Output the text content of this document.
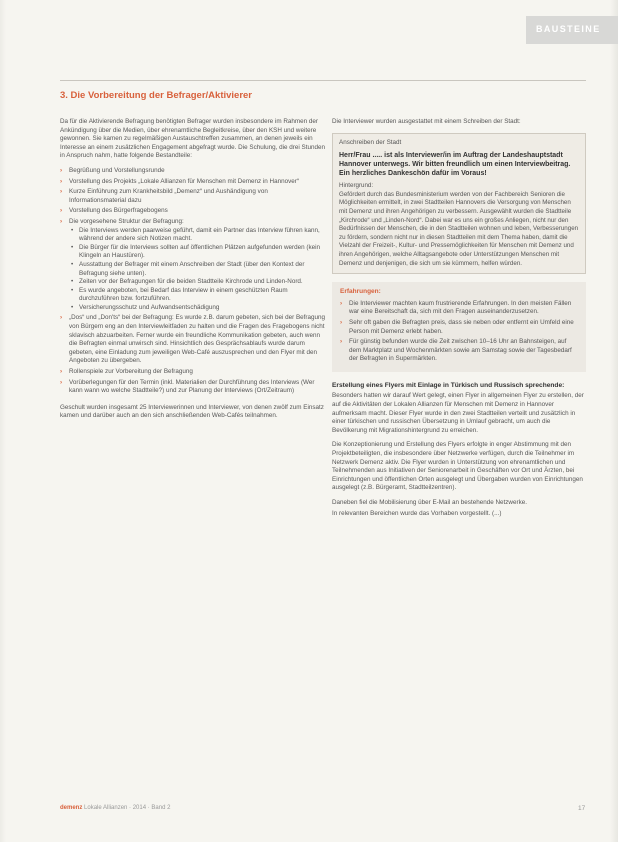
BAUSTEINE
3. Die Vorbereitung der Befrager/Aktivierer

Da für die Aktivierende Befragung benötigten Befrager wurden insbesondere im Rahmen der Ankündigung über die Medien, über ehrenamtliche Begleitkreise, über den KSH und weitere gewonnen. Sie kamen zu regelmäßigen Austauschtreffen zusammen, an denen jeweils ein Interesse an einem zusätzlichen Engagement abgefragt wurde. Die Schulung, die drei Stunden in Anspruch nahm, hatte folgende Bestandteile:

› Begrüßung und Vorstellungsrunde
› Vorstellung des Projekts „Lokale Allianzen für Menschen mit Demenz in Hannover“
› Kurze Einführung zum Krankheitsbild „Demenz“ und Aushändigung von Informationsmaterial dazu
› Vorstellung des Bürgerfragebogens
› Die vorgesehene Struktur der Befragung:
• Die Interviews werden paarweise geführt, damit ein Partner das Interview führen kann, während der andere sich Notizen macht.
• Die Bürger für die Interviews sollten auf öffentlichen Plätzen aufgefunden werden (kein Klingeln an Haustüren).
• Ausstattung der Befrager mit einem Anschreiben der Stadt (über den Kontext der Befragung siehe unten).
• Zeiten vor der Befragungen für die beiden Stadtteile Kirchrode und Linden-Nord.
• Es wurde angeboten, bei Bedarf das Interview in einem geschützten Raum durchzuführen bzw. fortzuführen.
• Versicherungsschutz und Aufwandsentschädigung
› „Dos“ und „Don'ts“ bei der Befragung: Es wurde z.B. darum gebeten, sich bei der Befragung von Bürgern eng an den Interviewleitfaden zu halten und die Fragen des Fragebogens nicht sklavisch abzuarbeiten. Ferner wurde ein freundliche Kommunikation gebeten, auch wenn die Befragten einmal unwirsch sind. Hinsichtlich des Gesprächsablaufs wurde darum gebeten, eine Einladung zum jeweiligen Web-Café auszusprechen und den Flyer mit den Angeboten zu übergeben.
› Rollenspiele zur Vorbereitung der Befragung
› Vorüberlegungen für den Termin (inkl. Materialien der Durchführung des Interviews (Wer kann wann wo welche Stadtteile?) und zur Planung der Interviews (Ort/Zeitraum)

Geschult wurden insgesamt 25 Interviewerinnen und Interviewer, von denen zwölf zum Einsatz kamen und darüber auch an den sich anschließenden Web-Cafés teilnahmen.

Die Interviewer wurden ausgestattet mit einem Schreiben der Stadt:

Anschreiben der Stadt
Herr/Frau ..... ist als Interviewer/in im Auftrag der Landeshauptstadt Hannover unterwegs. Wir bitten freundlich um einen Interviewbeitrag. Ein herzliches Dankeschön dafür im Voraus!
Hintergrund:
Gefördert durch das Bundesministerium werden von der Fachbereich Senioren die Möglichkeiten ermittelt, in zwei Stadtteilen Hannovers die Versorgung von Menschen mit Demenz und ihren Angehörigen zu verbessern. Ausgewählt wurden die Stadtteile „Kirchrode“ und „Linden-Nord“. Dabei war es uns ein großes Anliegen, nicht nur den Bedürfnissen der Menschen, die in den Stadtteilen wohnen und leben, Verbesserungen zu fördern, sondern nicht nur in diesen Stadtteilen mit dem Thema haben, damit die Vielzahl der Freizeit-, Kultur- und Pressemöglichkeiten für Menschen mit Demenz und ihren Angehörigen, welche Alltagsangebote oder Unterstützungen Menschen mit Demenz und denjenigen, die sich um sie kümmern, helfen würden.
Erfahrungen:
› Die Interviewer machten kaum frustrierende Erfahrungen. In den meisten Fällen war eine Bereitschaft da, sich mit den Fragen auseinanderzusetzen.
› Sehr oft gaben die Befragten preis, dass sie neben oder entfernt ein Umfeld eine Person mit Demenz erlebt haben.
› Für günstig befunden wurde die Zeit zwischen 10–16 Uhr an Bahnsteigen, auf dem Marktplatz und Wochenmärkten sowie am Samstag sowie der Tagesbedarf der Befragten in Supermärkten.
Erstellung eines Flyers mit Einlage in Türkisch und Russisch sprechende:

Besonders hatten wir darauf Wert gelegt, einen Flyer in allgemeinen Flyer zu erstellen, der auf die Aktivitäten der Lokalen Allianzen für Menschen mit Demenz in Hannover aufmerksam macht. Dieser Flyer wurde in den zwei Stadtteilen verteilt und zusätzlich in einer türkischen und russischen Übersetzung in Umlauf gebracht, um auch die Bevölkerung mit Migrationshintergrund zu erreichen.

Die Konzeptionierung und Erstellung des Flyers erfolgte in enger Abstimmung mit den Projektbeteiligten, die insbesondere über Netzwerke verfügen, durch die Teilnehmer im Netzwerk Demenz aktiv. Die Flyer wurden in Unterstützung von ehrenamtlichen und Teilnehmenden aus Initiativen der Seniorenarbeit in Geschäften vor Ort und Ärzten, bei Einrichtungen und öffentlichen Orten ausgelegt und Übergaben wurden von Einrichtungen ausgelegt (z.B. Bürgeramt, Stadtteilzentren).

Daneben fiel die Mobilisierung über E-Mail an bestehende Netzwerke.

In relevanten Bereichen wurde das Vorhaben vorgestellt. (...)

demenz Lokale Allianzen · 2014 · Band 2	17
